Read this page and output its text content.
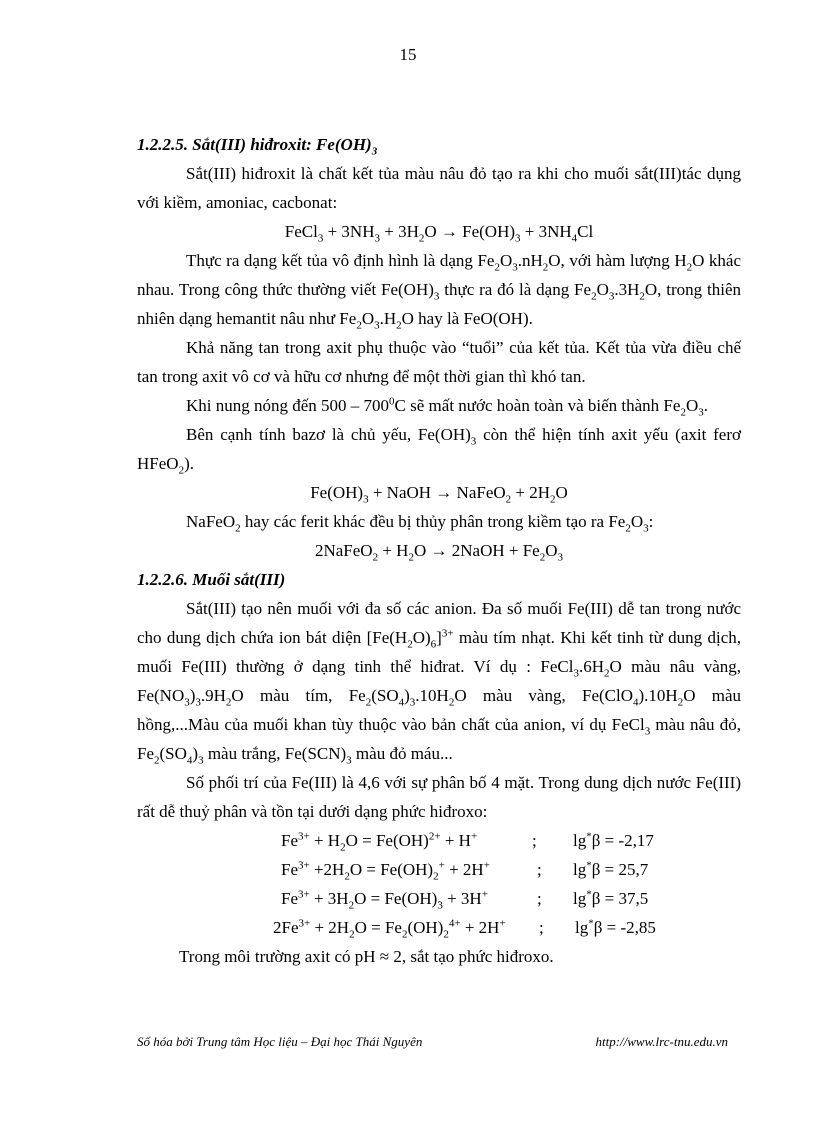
15

1.2.2.5. Sắt(III) hiđroxit: $Fe(OH)_3$

Sắt(III) hiđroxit là chất kết tủa màu nâu đỏ tạo ra khi cho muối sắt(III)tác dụng với kiềm, amoniac, cacbonat:

FeCl$_3$ + $3NH_3 + 3H_2O \to Fe(OH)_3 + 3NH_4Cl$

Thực ra dạng kết tủa vô định hình là dạng $Fe_2O_3.nH_2O$, với hàm lượng $H_2O$ khác nhau. Trong công thức thường viết $Fe(OH)_3$ thực ra đó là dạng $Fe_2O_3.3H_2O$, trong thiên nhiên dạng hemantit nâu như $Fe_2O_3.H_2O$ hay là FeO(OH).

Khả năng tan trong axit phụ thuộc vào “tuổi” của kết tủa. Kết tủa vừa điều chế tan trong axit vô cơ và hữu cơ nhưng để một thời gian thì khó tan.

Khi nung nóng đến $500 - 700^0C$ sẽ mất nước hoàn toàn và biến thành $Fe_2O_3$.

Bên cạnh tính bazơ là chủ yếu, $Fe(OH)_3$ còn thể hiện tính axit yếu (axit ferơ HFeO$_2$).

$Fe(OH)_3$ + NaOH → NaFeO$_2$ + $2H_2O$

NaFeO$_2$ hay các ferit khác đều bị thủy phân trong kiềm tạo ra $Fe_2O_3$:

2NaFeO$_2$ + $H_2O$ → 2NaOH + $Fe_2O_3$

1.2.2.6. Muối sắt(III)

Sắt(III) tạo nên muối với đa số các anion. Đa số muối Fe(III) dễ tan trong nước cho dung dịch chứa ion bát diện $[Fe(H_2O)_6]^{3+}$ màu tím nhạt. Khi kết tinh từ dung dịch, muối Fe(III) thường ở dạng tinh thể hiđrat. Ví dụ : $FeCl_3.6H_2O$ màu nâu vàng, $Fe(NO_3)_3.9H_2O$ màu tím, $Fe_2(SO_4)_3.10H_2O$ màu vàng, $Fe(ClO_4).10H_2O$ màu hồng,...Màu của muối khan tùy thuộc vào bản chất của anion, ví dụ FeCl$_3$ màu nâu đỏ, $Fe_2(SO_4)_3$ màu trắng, $Fe(SCN)_3$ màu đỏ máu...

Số phối trí của Fe(III) là 4,6 với sự phân bố 4 mặt. Trong dung dịch nước Fe(III) rất dễ thuỷ phân và tồn tại dưới dạng phức hiđroxo:

$Fe^{3+} + H_2O = Fe(OH)^{2+} + H^+$	; lg*β = -2,17
$Fe^{3+} +2H_2O = Fe(OH)_2^+ + 2H^+$	; lg*β = 25,7
$Fe^{3+} + 3H_2O = Fe(OH)_3 + 3H^+$	; lg*β = 37,5
$2Fe^{3+} + 2H_2O = Fe_2(OH)_2^{4+} + 2H^+$ ; lg*β = -2,85

Trong môi trường axit có pH ≈ 2, sắt tạo phức hiđroxo.

Số hóa bởi Trung tâm Học liệu – Đại học Thái Nguyên	http://www.lrc-tnu.edu.vn
